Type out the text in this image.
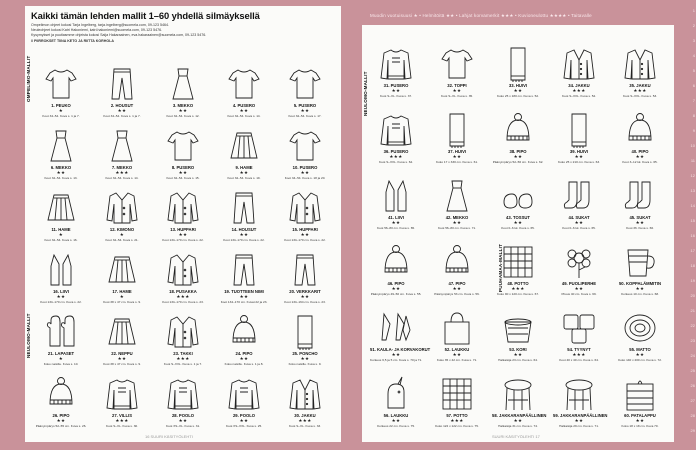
Kaikki tämän lehden mallit 1–60 yhdellä silmäyksellä
Ompelimon ohjeet kokosi Tarja Ingelberg, tarja.ingelberg@suomela.com, 09-123 5464.
Neuleohjeet kokosi Katri Hakoniemi, katri.hakoniemi@suomela.com, 09-123 5476.
Kysymykset ja puutiasmme ohjeista kokosi Saija Hakaraainen, eva.hakaraainen@suomela.com, 09-123 5476.
// PIIRROKSET TIINA KETO JA RIITTA KORHOLA
OMPELIMO-MALLIT
NEULOMO-MALLIT
1. PEUKO
★
Koot 34–54. Kuva s. 1 ja 7.
2. HOUSUT
★★
Koot 34–54. Kuva s. 1 ja 7.
3. MEKKO
★★
Koot 34–54. Kuva s. 12.
4. PUSERO
★★
Koot 34–54. Kuva s. 14.
5. PUSERO
★★
Koot 34–54. Kuva s. 17.
6. MEKKO
★★
Koot 34–54. Kuva s. 13.
7. MEKKO
★★★
Koot 34–54. Kuva s. 14.
8. PUSERO
★★
Koot 34–54. Kuva s. 15.
9. HAME
★★
Koot 34–54. Kuva s. 19.
10. PUSERO
★★
Koot 34–54. Kuva s. 18 ja 20.
11. HAME
★
Koot 34–54. Kuva s. 16.
12. KIMONO
★
Koot 34–54. Kuva s. 21.
13. HUPPARI
★★
Koot 134–170 cm. Kuva s. 22.
14. HOUSUT
★★
Koot 134–170 cm. Kuva s. 22.
15. HUPPARI
★★
Koot 134–170 cm. Kuva s. 22.
16. LIIVI
★★
Koot 134–170 cm. Kuva s. 22.
17. HAME
★
Koot 38 x 47 cm. Kuva s. 9.
18. PUSAKKA
★★★
Koot 134–170 cm. Kuva s. 23.
19. TUOTTEEN NIMI
★★
Koot 134–170 cm. Kuvat 22 ja 23.
20. VERKKARIT
★★
Koot 134–164 cm. Kuva s. 23.
21. LAPASET
★
Koko naisille. Kuva s. 10.
22. NEPPU
★★
Koot 38 x 47 cm. Kuva s. 9.
23. TAKKI
★★★
Koot S–XXL. Kuva s. 1 ja 7.
24. PIPO
★★
Koko naisille. Kuva s. 1 ja 8.
25. PONCHO
★★
Koko naisille. Kuva s. 9.
26. PIPO
★★
Päänympärys 52–55 cm. Kuva s. 26.
27. VILLIS
★★★
Koot S–XL. Kuva s. 30.
28. POOLO
★★
Koot XS–XL. Kuva s. 31.
29. POOLO
★★
Koot XS–XXL. Kuva s. 25.
30. JAKKU
★★★
Koot S–XL. Kuva s. 33.
16 SUURI KÄSITYÖLEHTI
Muodin vuotuisuusi ★ • Helmitöitä ★★ • Lahjat korvamerkit ★★★ • Kuvioneulottu ★★★★ • Taitavalle
NEULOMO-MALLIT
PUUHAMAA-MALLIT
31. PUSERO
★★
Koot S–XL. Kuva s. 37.
32. TOPPI
★★
Koot S–XL. Kuva s. 35.
33. HUIVI
★★
Koko 25 x 180 cm. Kuva s. 52.
34. JAKKU
★★★
Koot S–XXL. Kuva s. 52.
35. JAKKU
★★★
Koot S–XXL. Kuva s. 53.
36. PUSERO
★★★
Koot S–XXL. Kuva s. 62.
37. HUIVI
★★
Koko 17 x 330 cm. Kuva s. 61.
38. PIPO
★★
Päänympärys 52–56 cm. Kuva s. 62.
39. HUIVI
★★
Koko 25 x 210 cm. Kuva s. 63.
40. PIPO
★★
Koot 3–12 kk. Kuva s. 65.
41. LIIVI
★★
Koot 56–80 cm. Kuva s. 65.
42. MEKKO
★★
Koot 56–80 cm. Kuva s. 71.
43. TOSSUT
★★
Koot 0–6 kk. Kuva s. 65.
44. SUKAT
★★
Koot 0–6 kk. Kuva s. 65.
45. SUKAT
★★
Koot 36. Kuva s. 66.
46. PIPO
★★
Päänympärys 49–50 cm. Kuva s. 55.
47. PIPO
★★
Päänympärys 53 cm. Kuva s. 56.
48. POTTO
★★★
Koko 90 x 120 cm. Kuva s. 67.
49. PUOLIPERHE
★★
Pituus 40 cm. Kuva s. 69.
50. KOPPALÄMMITIN
★★
Korkeus 10 cm. Kuva s. 68.
51. KAULA- JA KORVAKORUT
★★
Korkeus 6,5 ja 5 cm. Kuva s. 70 ja 71.
52. LAUKKU
★★
Koko 35 x 42 cm. Kuva s. 71.
53. KORI
★★
Halkaisija 23 cm. Kuva s. 64.
54. TYYNYT
★★★
Koot 40 x 40 cm. Kuva s. 64.
55. MATTO
★★
Koko 140 x 200 cm. Kuva s. 72.
56. LAUKKU
★★
Korkeus 22 cm. Kuva s. 75.
57. POTTO
★★★
Koko 122 x 122 cm. Kuva s. 75.
58. JAKKARANPÄÄLLINEN
★★
Halkaisija 31 cm. Kuva s. 74.
59. JAKKARANPÄÄLLINEN
★★
Halkaisija 29 cm. Kuva s. 71.
60. PATALAPPU
★★
Koko 18 x 18 cm. Kuva 70.
SUURI KÄSITYÖLEHTI 17
1
2
3
4
5
6
7
8
9
10
11
12
13
14
15
16
17
18
19
20
21
22
23
24
25
26
27
28
29
